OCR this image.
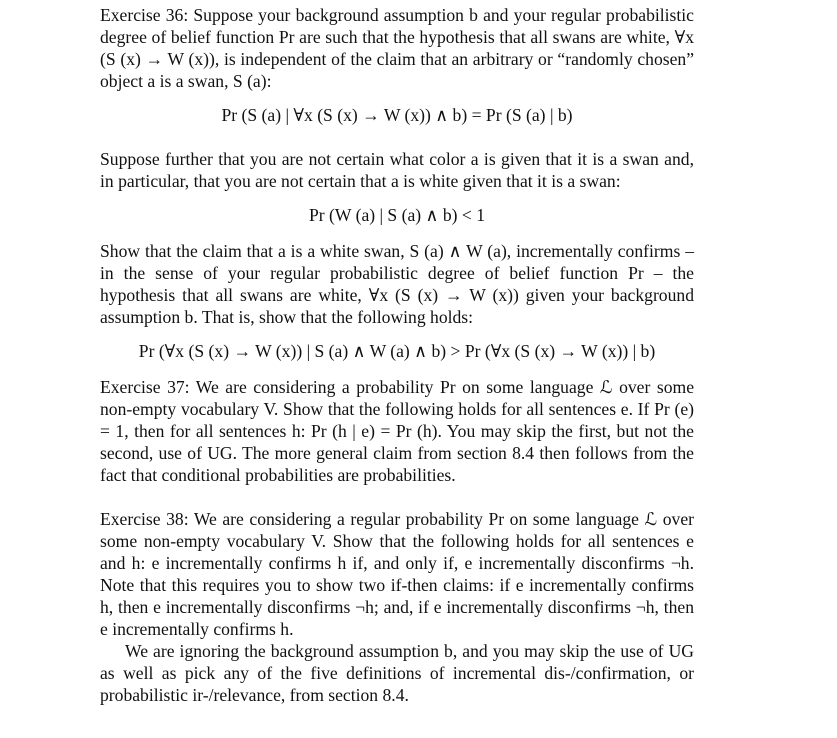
Exercise 36: Suppose your background assumption b and your regular probabilistic degree of belief function Pr are such that the hypothesis that all swans are white, ∀x (S (x) → W (x)), is independent of the claim that an arbitrary or “randomly chosen” object a is a swan, S (a):

Pr (S (a) | ∀x (S (x) → W (x)) ∧ b) = Pr (S (a) | b)

Suppose further that you are not certain what color a is given that it is a swan and, in particular, that you are not certain that a is white given that it is a swan:

Pr (W (a) | S (a) ∧ b) < 1

Show that the claim that a is a white swan, S (a) ∧ W (a), incrementally confirms – in the sense of your regular probabilistic degree of belief function Pr – the hypothesis that all swans are white, ∀x (S (x) → W (x)) given your background assumption b. That is, show that the following holds:

Pr (∀x (S (x) → W (x)) | S (a) ∧ W (a) ∧ b) > Pr (∀x (S (x) → W (x)) | b)

Exercise 37: We are considering a probability Pr on some language ℒ over some non-empty vocabulary V. Show that the following holds for all sentences e. If Pr (e) = 1, then for all sentences h: Pr (h | e) = Pr (h). You may skip the first, but not the second, use of UG. The more general claim from section 8.4 then follows from the fact that conditional probabilities are probabilities.

Exercise 38: We are considering a regular probability Pr on some language ℒ over some non-empty vocabulary V. Show that the following holds for all sentences e and h: e incrementally confirms h if, and only if, e incrementally disconfirms ¬h. Note that this requires you to show two if-then claims: if e incrementally confirms h, then e incrementally disconfirms ¬h; and, if e incrementally disconfirms ¬h, then e incrementally confirms h.

We are ignoring the background assumption b, and you may skip the use of UG as well as pick any of the five definitions of incremental dis-/confirmation, or probabilistic ir-/relevance, from section 8.4.
